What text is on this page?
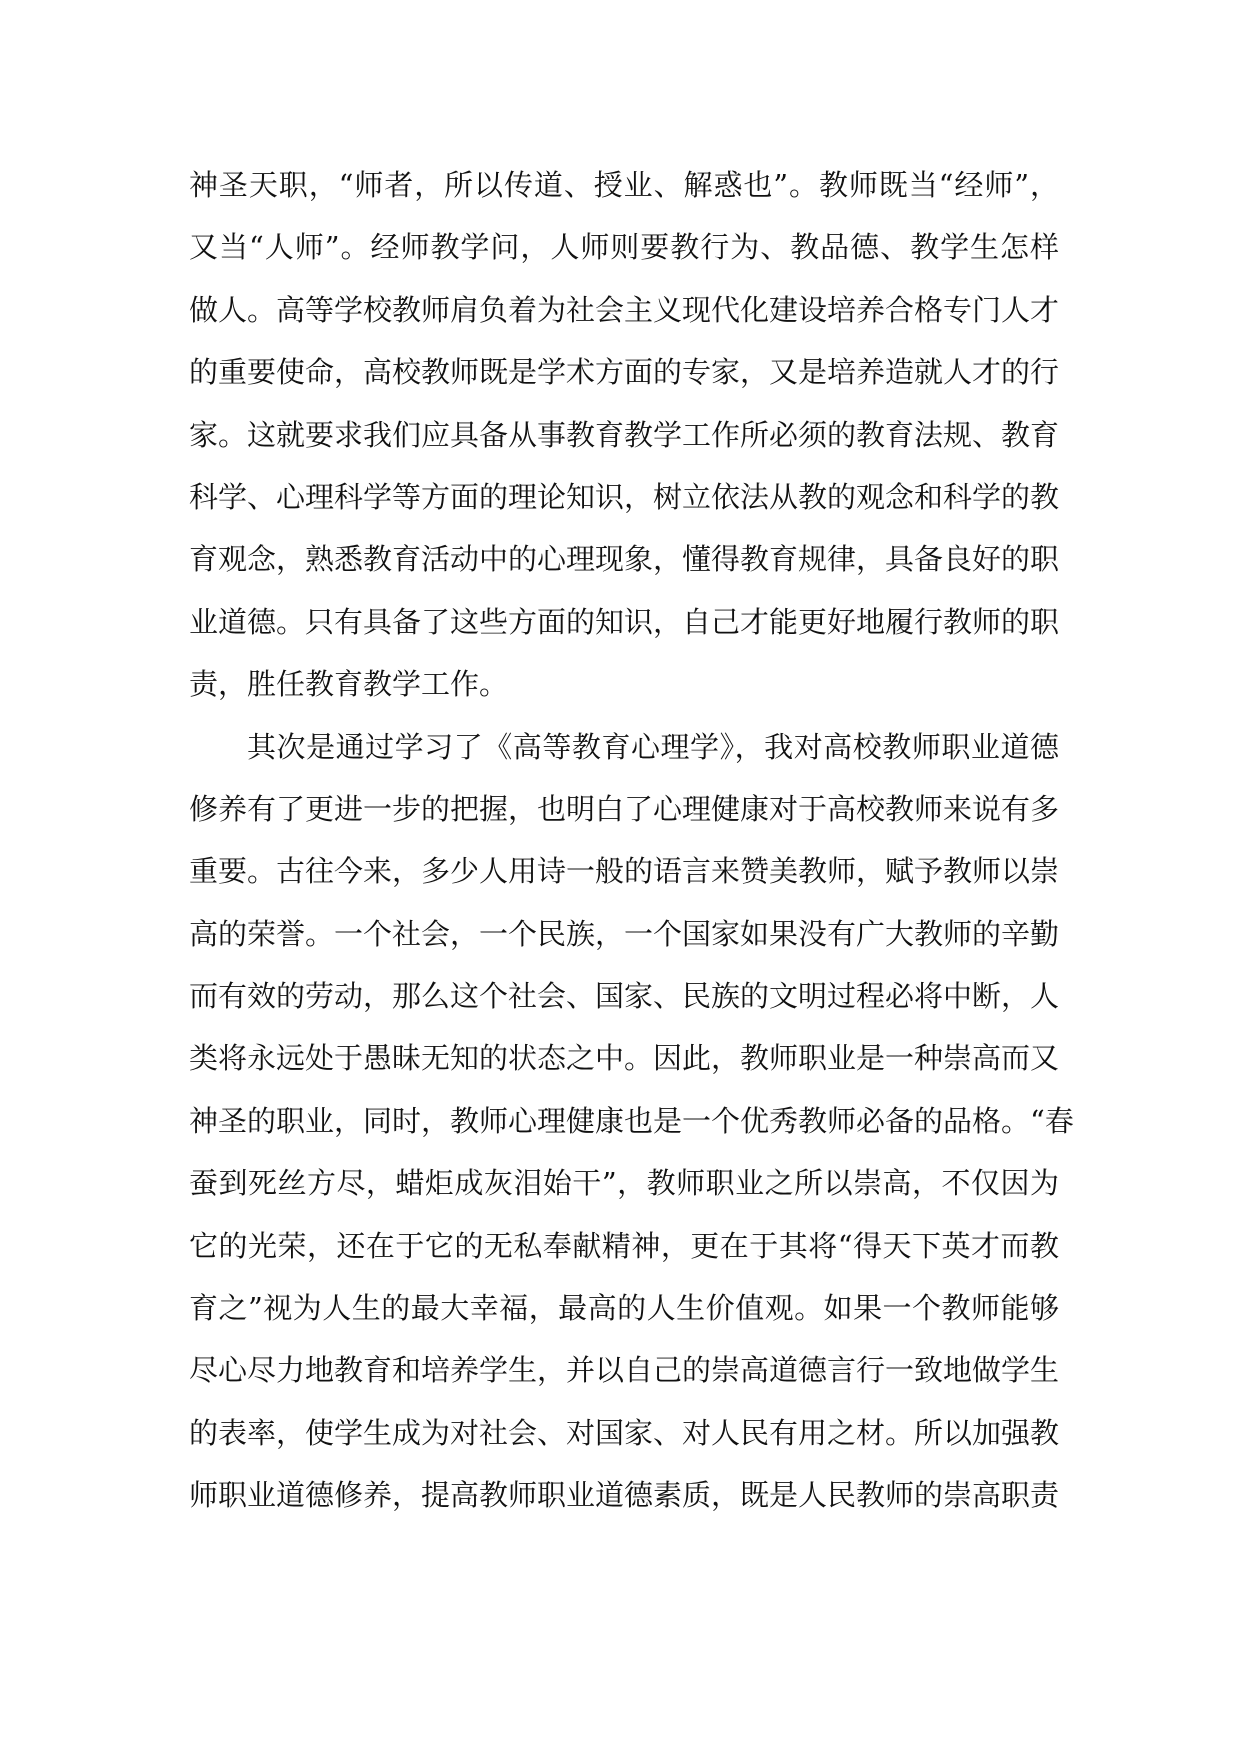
神圣天职，“师者，所以传道、授业、解惑也”。教师既当“经师”，
又当“人师”。经师教学问，人师则要教行为、教品德、教学生怎样
做人。高等学校教师肩负着为社会主义现代化建设培养合格专门人才
的重要使命，高校教师既是学术方面的专家，又是培养造就人才的行
家。这就要求我们应具备从事教育教学工作所必须的教育法规、教育
科学、心理科学等方面的理论知识，树立依法从教的观念和科学的教
育观念，熟悉教育活动中的心理现象，懂得教育规律，具备良好的职
业道德。只有具备了这些方面的知识，自己才能更好地履行教师的职
责，胜任教育教学工作。
其次是通过学习了《高等教育心理学》，我对高校教师职业道德
修养有了更进一步的把握，也明白了心理健康对于高校教师来说有多
重要。古往今来，多少人用诗一般的语言来赞美教师，赋予教师以崇
高的荣誉。一个社会，一个民族，一个国家如果没有广大教师的辛勤
而有效的劳动，那么这个社会、国家、民族的文明过程必将中断，人
类将永远处于愚昧无知的状态之中。因此，教师职业是一种崇高而又
神圣的职业，同时，教师心理健康也是一个优秀教师必备的品格。“春
蚕到死丝方尽，蜡炬成灰泪始干”，教师职业之所以崇高，不仅因为
它的光荣，还在于它的无私奉献精神，更在于其将“得天下英才而教
育之”视为人生的最大幸福，最高的人生价值观。如果一个教师能够
尽心尽力地教育和培养学生，并以自己的崇高道德言行一致地做学生
的表率，使学生成为对社会、对国家、对人民有用之材。所以加强教
师职业道德修养，提高教师职业道德素质，既是人民教师的崇高职责
